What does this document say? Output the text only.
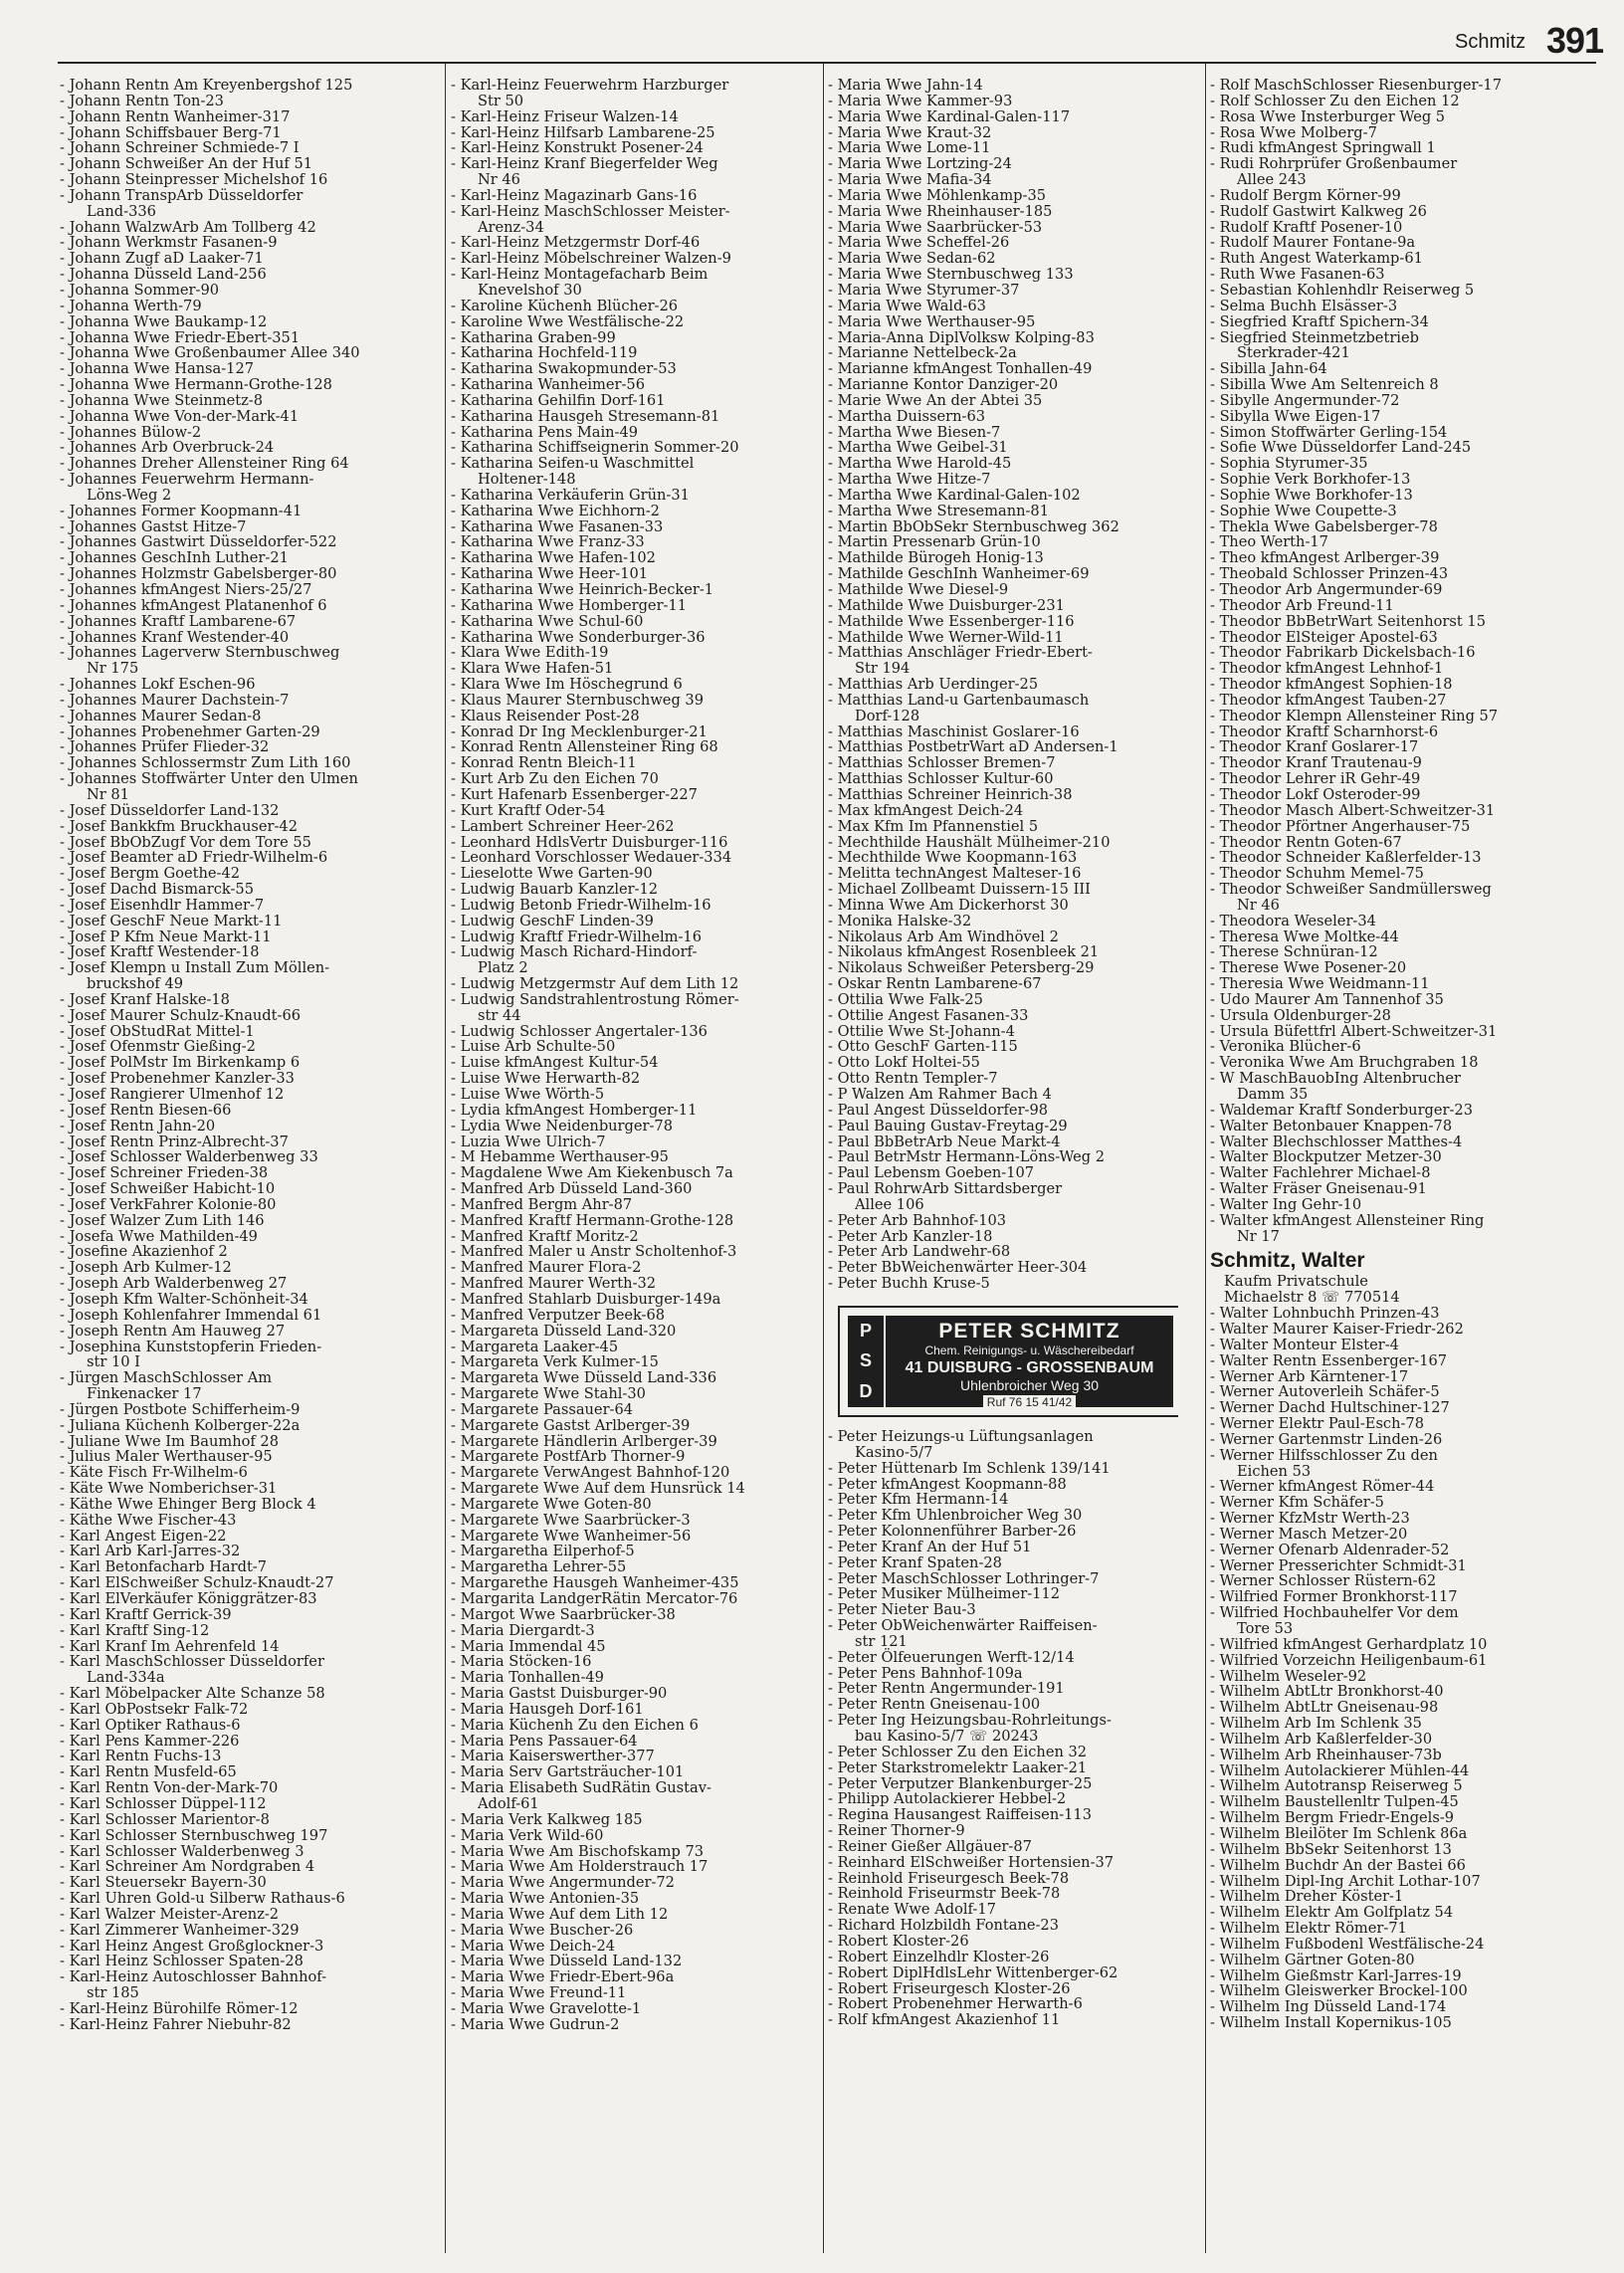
Schmitz 391
- Johann Rentn Am Kreyenbergshof 125
- Johann Rentn Ton-23
- Johann Rentn Wanheimer-317
- Johann Schiffsbauer Berg-71
- Johann Schreiner Schmiede-7 I
- Johann Schweißer An der Huf 51
- Johann Steinpresser Michelshof 16
- Johann TranspArb Düsseldorfer
Land-336
- Johann WalzwArb Am Tollberg 42
- Johann Werkmstr Fasanen-9
- Johann Zugf aD Laaker-71
- Johanna Düsseld Land-256
- Johanna Sommer-90
- Johanna Werth-79
- Johanna Wwe Baukamp-12
- Johanna Wwe Friedr-Ebert-351
- Johanna Wwe Großenbaumer Allee 340
- Johanna Wwe Hansa-127
- Johanna Wwe Hermann-Grothe-128
- Johanna Wwe Steinmetz-8
- Johanna Wwe Von-der-Mark-41
- Johannes Bülow-2
- Johannes Arb Overbruck-24
- Johannes Dreher Allensteiner Ring 64
- Johannes Feuerwehrm Hermann-
Löns-Weg 2
- Johannes Former Koopmann-41
- Johannes Gastst Hitze-7
- Johannes Gastwirt Düsseldorfer-522
- Johannes GeschInh Luther-21
- Johannes Holzmstr Gabelsberger-80
- Johannes kfmAngest Niers-25/27
- Johannes kfmAngest Platanenhof 6
- Johannes Kraftf Lambarene-67
- Johannes Kranf Westender-40
- Johannes Lagerverw Sternbuschweg
Nr 175
- Johannes Lokf Eschen-96
- Johannes Maurer Dachstein-7
- Johannes Maurer Sedan-8
- Johannes Probenehmer Garten-29
- Johannes Prüfer Flieder-32
- Johannes Schlossermstr Zum Lith 160
- Johannes Stoffwärter Unter den Ulmen
Nr 81
- Josef Düsseldorfer Land-132
- Josef Bankkfm Bruckhauser-42
- Josef BbObZugf Vor dem Tore 55
- Josef Beamter aD Friedr-Wilhelm-6
- Josef Bergm Goethe-42
- Josef Dachd Bismarck-55
- Josef Eisenhdlr Hammer-7
- Josef GeschF Neue Markt-11
- Josef P Kfm Neue Markt-11
- Josef Kraftf Westender-18
- Josef Klempn u Install Zum Möllen-
bruckshof 49
- Josef Kranf Halske-18
- Josef Maurer Schulz-Knaudt-66
- Josef ObStudRat Mittel-1
- Josef Ofenmstr Gießing-2
- Josef PolMstr Im Birkenkamp 6
- Josef Probenehmer Kanzler-33
- Josef Rangierer Ulmenhof 12
- Josef Rentn Biesen-66
- Josef Rentn Jahn-20
- Josef Rentn Prinz-Albrecht-37
- Josef Schlosser Walderbenweg 33
- Josef Schreiner Frieden-38
- Josef Schweißer Habicht-10
- Josef VerkFahrer Kolonie-80
- Josef Walzer Zum Lith 146
- Josefa Wwe Mathilden-49
- Josefine Akazienhof 2
- Joseph Arb Kulmer-12
- Joseph Arb Walderbenweg 27
- Joseph Kfm Walter-Schönheit-34
- Joseph Kohlenfahrer Immendal 61
- Joseph Rentn Am Hauweg 27
- Josephina Kunststopferin Frieden-
str 10 I
- Jürgen MaschSchlosser Am
Finkenacker 17
- Jürgen Postbote Schifferheim-9
- Juliana Küchenh Kolberger-22a
- Juliane Wwe Im Baumhof 28
- Julius Maler Werthauser-95
- Käte Fisch Fr-Wilhelm-6
- Käte Wwe Nomberichser-31
- Käthe Wwe Ehinger Berg Block 4
- Käthe Wwe Fischer-43
- Karl Angest Eigen-22
- Karl Arb Karl-Jarres-32
- Karl Betonfacharb Hardt-7
- Karl ElSchweißer Schulz-Knaudt-27
- Karl ElVerkäufer Königgrätzer-83
- Karl Kraftf Gerrick-39
- Karl Kraftf Sing-12
- Karl Kranf Im Aehrenfeld 14
- Karl MaschSchlosser Düsseldorfer
Land-334a
- Karl Möbelpacker Alte Schanze 58
- Karl ObPostsekr Falk-72
- Karl Optiker Rathaus-6
- Karl Pens Kammer-226
- Karl Rentn Fuchs-13
- Karl Rentn Musfeld-65
- Karl Rentn Von-der-Mark-70
- Karl Schlosser Düppel-112
- Karl Schlosser Marientor-8
- Karl Schlosser Sternbuschweg 197
- Karl Schlosser Walderbenweg 3
- Karl Schreiner Am Nordgraben 4
- Karl Steuersekr Bayern-30
- Karl Uhren Gold-u Silberw Rathaus-6
- Karl Walzer Meister-Arenz-2
- Karl Zimmerer Wanheimer-329
- Karl Heinz Angest Großglockner-3
- Karl Heinz Schlosser Spaten-28
- Karl-Heinz Autoschlosser Bahnhof-
str 185
- Karl-Heinz Bürohilfe Römer-12
- Karl-Heinz Fahrer Niebuhr-82
- Karl-Heinz Feuerwehrm Harzburger
Str 50
- Karl-Heinz Friseur Walzen-14
- Karl-Heinz Hilfsarb Lambarene-25
- Karl-Heinz Konstrukt Posener-24
- Karl-Heinz Kranf Biegerfelder Weg
Nr 46
- Karl-Heinz Magazinarb Gans-16
- Karl-Heinz MaschSchlosser Meister-
Arenz-34
- Karl-Heinz Metzgermstr Dorf-46
- Karl-Heinz Möbelschreiner Walzen-9
- Karl-Heinz Montagefacharb Beim
Knevelshof 30
- Karoline Küchenh Blücher-26
- Karoline Wwe Westfälische-22
- Katharina Graben-99
- Katharina Hochfeld-119
- Katharina Swakopmunder-53
- Katharina Wanheimer-56
- Katharina Gehilfin Dorf-161
- Katharina Hausgeh Stresemann-81
- Katharina Pens Main-49
- Katharina Schiffseignerin Sommer-20
- Katharina Seifen-u Waschmittel
Holtener-148
- Katharina Verkäuferin Grün-31
- Katharina Wwe Eichhorn-2
- Katharina Wwe Fasanen-33
- Katharina Wwe Franz-33
- Katharina Wwe Hafen-102
- Katharina Wwe Heer-101
- Katharina Wwe Heinrich-Becker-1
- Katharina Wwe Homberger-11
- Katharina Wwe Schul-60
- Katharina Wwe Sonderburger-36
- Klara Wwe Edith-19
- Klara Wwe Hafen-51
- Klara Wwe Im Höschegrund 6
- Klaus Maurer Sternbuschweg 39
- Klaus Reisender Post-28
- Konrad Dr Ing Mecklenburger-21
- Konrad Rentn Allensteiner Ring 68
- Konrad Rentn Bleich-11
- Kurt Arb Zu den Eichen 70
- Kurt Hafenarb Essenberger-227
- Kurt Kraftf Oder-54
- Lambert Schreiner Heer-262
- Leonhard HdlsVertr Duisburger-116
- Leonhard Vorschlosser Wedauer-334
- Lieselotte Wwe Garten-90
- Ludwig Bauarb Kanzler-12
- Ludwig Betonb Friedr-Wilhelm-16
- Ludwig GeschF Linden-39
- Ludwig Kraftf Friedr-Wilhelm-16
- Ludwig Masch Richard-Hindorf-
Platz 2
- Ludwig Metzgermstr Auf dem Lith 12
- Ludwig Sandstrahlentrostung Römer-
str 44
- Ludwig Schlosser Angertaler-136
- Luise Arb Schulte-50
- Luise kfmAngest Kultur-54
- Luise Wwe Herwarth-82
- Luise Wwe Wörth-5
- Lydia kfmAngest Homberger-11
- Lydia Wwe Neidenburger-78
- Luzia Wwe Ulrich-7
- M Hebamme Werthauser-95
- Magdalene Wwe Am Kiekenbusch 7a
- Manfred Arb Düsseld Land-360
- Manfred Bergm Ahr-87
- Manfred Kraftf Hermann-Grothe-128
- Manfred Kraftf Moritz-2
- Manfred Maler u Anstr Scholtenhof-3
- Manfred Maurer Flora-2
- Manfred Maurer Werth-32
- Manfred Stahlarb Duisburger-149a
- Manfred Verputzer Beek-68
- Margareta Düsseld Land-320
- Margareta Laaker-45
- Margareta Verk Kulmer-15
- Margareta Wwe Düsseld Land-336
- Margarete Wwe Stahl-30
- Margarete Passauer-64
- Margarete Gastst Arlberger-39
- Margarete Händlerin Arlberger-39
- Margarete PostfArb Thorner-9
- Margarete VerwAngest Bahnhof-120
- Margarete Wwe Auf dem Hunsrück 14
- Margarete Wwe Goten-80
- Margarete Wwe Saarbrücker-3
- Margarete Wwe Wanheimer-56
- Margaretha Eilperhof-5
- Margaretha Lehrer-55
- Margarethe Hausgeh Wanheimer-435
- Margarita LandgerRätin Mercator-76
- Margot Wwe Saarbrücker-38
- Maria Diergardt-3
- Maria Immendal 45
- Maria Stöcken-16
- Maria Tonhallen-49
- Maria Gastst Duisburger-90
- Maria Hausgeh Dorf-161
- Maria Küchenh Zu den Eichen 6
- Maria Pens Passauer-64
- Maria Kaiserswerther-377
- Maria Serv Gartsträucher-101
- Maria Elisabeth SudRätin Gustav-
Adolf-61
- Maria Verk Kalkweg 185
- Maria Verk Wild-60
- Maria Wwe Am Bischofskamp 73
- Maria Wwe Am Holderstrauch 17
- Maria Wwe Angermunder-72
- Maria Wwe Antonien-35
- Maria Wwe Auf dem Lith 12
- Maria Wwe Buscher-26
- Maria Wwe Deich-24
- Maria Wwe Düsseld Land-132
- Maria Wwe Friedr-Ebert-96a
- Maria Wwe Freund-11
- Maria Wwe Gravelotte-1
- Maria Wwe Gudrun-2
- Maria Wwe Jahn-14
- Maria Wwe Kammer-93
- Maria Wwe Kardinal-Galen-117
- Maria Wwe Kraut-32
- Maria Wwe Lome-11
- Maria Wwe Lortzing-24
- Maria Wwe Mafia-34
- Maria Wwe Möhlenkamp-35
- Maria Wwe Rheinhauser-185
- Maria Wwe Saarbrücker-53
- Maria Wwe Scheffel-26
- Maria Wwe Sedan-62
- Maria Wwe Sternbuschweg 133
- Maria Wwe Styrumer-37
- Maria Wwe Wald-63
- Maria Wwe Werthauser-95
- Maria-Anna DiplVolksw Kolping-83
- Marianne Nettelbeck-2a
- Marianne kfmAngest Tonhallen-49
- Marianne Kontor Danziger-20
- Marie Wwe An der Abtei 35
- Martha Duissern-63
- Martha Wwe Biesen-7
- Martha Wwe Geibel-31
- Martha Wwe Harold-45
- Martha Wwe Hitze-7
- Martha Wwe Kardinal-Galen-102
- Martha Wwe Stresemann-81
- Martin BbObSekr Sternbuschweg 362
- Martin Pressenarb Grün-10
- Mathilde Bürogeh Honig-13
- Mathilde GeschInh Wanheimer-69
- Mathilde Wwe Diesel-9
- Mathilde Wwe Duisburger-231
- Mathilde Wwe Essenberger-116
- Mathilde Wwe Werner-Wild-11
- Matthias Anschläger Friedr-Ebert-
Str 194
- Matthias Arb Uerdinger-25
- Matthias Land-u Gartenbaumasch
Dorf-128
- Matthias Maschinist Goslarer-16
- Matthias PostbetrWart aD Andersen-1
- Matthias Schlosser Bremen-7
- Matthias Schlosser Kultur-60
- Matthias Schreiner Heinrich-38
- Max kfmAngest Deich-24
- Max Kfm Im Pfannenstiel 5
- Mechthilde Haushält Mülheimer-210
- Mechthilde Wwe Koopmann-163
- Melitta technAngest Malteser-16
- Michael Zollbeamt Duissern-15 III
- Minna Wwe Am Dickerhorst 30
- Monika Halske-32
- Nikolaus Arb Am Windhövel 2
- Nikolaus kfmAngest Rosenbleek 21
- Nikolaus Schweißer Petersberg-29
- Oskar Rentn Lambarene-67
- Ottilia Wwe Falk-25
- Ottilie Angest Fasanen-33
- Ottilie Wwe St-Johann-4
- Otto GeschF Garten-115
- Otto Lokf Holtei-55
- Otto Rentn Templer-7
- P Walzen Am Rahmer Bach 4
- Paul Angest Düsseldorfer-98
- Paul Bauing Gustav-Freytag-29
- Paul BbBetrArb Neue Markt-4
- Paul BetrMstr Hermann-Löns-Weg 2
- Paul Lebensm Goeben-107
- Paul RohrwArb Sittardsberger
Allee 106
- Peter Arb Bahnhof-103
- Peter Arb Kanzler-18
- Peter Arb Landwehr-68
- Peter BbWeichenwärter Heer-304
- Peter Buchh Kruse-5
P
S
D
PETER SCHMITZ
Chem. Reinigungs- u. Wäschereibedarf
41 DUISBURG - GROSSENBAUM
Uhlenbroicher Weg 30
Ruf 76 15 41/42
- Peter Heizungs-u Lüftungsanlagen
Kasino-5/7
- Peter Hüttenarb Im Schlenk 139/141
- Peter kfmAngest Koopmann-88
- Peter Kfm Hermann-14
- Peter Kfm Uhlenbroicher Weg 30
- Peter Kolonnenführer Barber-26
- Peter Kranf An der Huf 51
- Peter Kranf Spaten-28
- Peter MaschSchlosser Lothringer-7
- Peter Musiker Mülheimer-112
- Peter Nieter Bau-3
- Peter ObWeichenwärter Raiffeisen-
str 121
- Peter Ölfeuerungen Werft-12/14
- Peter Pens Bahnhof-109a
- Peter Rentn Angermunder-191
- Peter Rentn Gneisenau-100
- Peter Ing Heizungsbau-Rohrleitungs-
bau Kasino-5/7 ☏ 20243
- Peter Schlosser Zu den Eichen 32
- Peter Starkstromelektr Laaker-21
- Peter Verputzer Blankenburger-25
- Philipp Autolackierer Hebbel-2
- Regina Hausangest Raiffeisen-113
- Reiner Thorner-9
- Reiner Gießer Allgäuer-87
- Reinhard ElSchweißer Hortensien-37
- Reinhold Friseurgesch Beek-78
- Reinhold Friseurmstr Beek-78
- Renate Wwe Adolf-17
- Richard Holzbildh Fontane-23
- Robert Kloster-26
- Robert Einzelhdlr Kloster-26
- Robert DiplHdlsLehr Wittenberger-62
- Robert Friseurgesch Kloster-26
- Robert Probenehmer Herwarth-6
- Rolf kfmAngest Akazienhof 11
- Rolf MaschSchlosser Riesenburger-17
- Rolf Schlosser Zu den Eichen 12
- Rosa Wwe Insterburger Weg 5
- Rosa Wwe Molberg-7
- Rudi kfmAngest Springwall 1
- Rudi Rohrprüfer Großenbaumer
Allee 243
- Rudolf Bergm Körner-99
- Rudolf Gastwirt Kalkweg 26
- Rudolf Kraftf Posener-10
- Rudolf Maurer Fontane-9a
- Ruth Angest Waterkamp-61
- Ruth Wwe Fasanen-63
- Sebastian Kohlenhdlr Reiserweg 5
- Selma Buchh Elsässer-3
- Siegfried Kraftf Spichern-34
- Siegfried Steinmetzbetrieb
Sterkrader-421
- Sibilla Jahn-64
- Sibilla Wwe Am Seltenreich 8
- Sibylle Angermunder-72
- Sibylla Wwe Eigen-17
- Simon Stoffwärter Gerling-154
- Sofie Wwe Düsseldorfer Land-245
- Sophia Styrumer-35
- Sophie Verk Borkhofer-13
- Sophie Wwe Borkhofer-13
- Sophie Wwe Coupette-3
- Thekla Wwe Gabelsberger-78
- Theo Werth-17
- Theo kfmAngest Arlberger-39
- Theobald Schlosser Prinzen-43
- Theodor Arb Angermunder-69
- Theodor Arb Freund-11
- Theodor BbBetrWart Seitenhorst 15
- Theodor ElSteiger Apostel-63
- Theodor Fabrikarb Dickelsbach-16
- Theodor kfmAngest Lehnhof-1
- Theodor kfmAngest Sophien-18
- Theodor kfmAngest Tauben-27
- Theodor Klempn Allensteiner Ring 57
- Theodor Kraftf Scharnhorst-6
- Theodor Kranf Goslarer-17
- Theodor Kranf Trautenau-9
- Theodor Lehrer iR Gehr-49
- Theodor Lokf Osteroder-99
- Theodor Masch Albert-Schweitzer-31
- Theodor Pförtner Angerhauser-75
- Theodor Rentn Goten-67
- Theodor Schneider Kaßlerfelder-13
- Theodor Schuhm Memel-75
- Theodor Schweißer Sandmüllersweg
Nr 46
- Theodora Weseler-34
- Theresa Wwe Moltke-44
- Therese Schnüran-12
- Therese Wwe Posener-20
- Theresia Wwe Weidmann-11
- Udo Maurer Am Tannenhof 35
- Ursula Oldenburger-28
- Ursula Büfettfrl Albert-Schweitzer-31
- Veronika Blücher-6
- Veronika Wwe Am Bruchgraben 18
- W MaschBauobIng Altenbrucher
Damm 35
- Waldemar Kraftf Sonderburger-23
- Walter Betonbauer Knappen-78
- Walter Blechschlosser Matthes-4
- Walter Blockputzer Metzer-30
- Walter Fachlehrer Michael-8
- Walter Fräser Gneisenau-91
- Walter Ing Gehr-10
- Walter kfmAngest Allensteiner Ring
Nr 17
Schmitz, Walter
Kaufm Privatschule
Michaelstr 8 ☏ 770514
- Walter Lohnbuchh Prinzen-43
- Walter Maurer Kaiser-Friedr-262
- Walter Monteur Elster-4
- Walter Rentn Essenberger-167
- Werner Arb Kärntener-17
- Werner Autoverleih Schäfer-5
- Werner Dachd Hultschiner-127
- Werner Elektr Paul-Esch-78
- Werner Gartenmstr Linden-26
- Werner Hilfsschlosser Zu den
Eichen 53
- Werner kfmAngest Römer-44
- Werner Kfm Schäfer-5
- Werner KfzMstr Werth-23
- Werner Masch Metzer-20
- Werner Ofenarb Aldenrader-52
- Werner Presserichter Schmidt-31
- Werner Schlosser Rüstern-62
- Wilfried Former Bronkhorst-117
- Wilfried Hochbauhelfer Vor dem
Tore 53
- Wilfried kfmAngest Gerhardplatz 10
- Wilfried Vorzeichn Heiligenbaum-61
- Wilhelm Weseler-92
- Wilhelm AbtLtr Bronkhorst-40
- Wilhelm AbtLtr Gneisenau-98
- Wilhelm Arb Im Schlenk 35
- Wilhelm Arb Kaßlerfelder-30
- Wilhelm Arb Rheinhauser-73b
- Wilhelm Autolackierer Mühlen-44
- Wilhelm Autotransp Reiserweg 5
- Wilhelm Baustellenltr Tulpen-45
- Wilhelm Bergm Friedr-Engels-9
- Wilhelm Bleilöter Im Schlenk 86a
- Wilhelm BbSekr Seitenhorst 13
- Wilhelm Buchdr An der Bastei 66
- Wilhelm Dipl-Ing Archit Lothar-107
- Wilhelm Dreher Köster-1
- Wilhelm Elektr Am Golfplatz 54
- Wilhelm Elektr Römer-71
- Wilhelm Fußbodenl Westfälische-24
- Wilhelm Gärtner Goten-80
- Wilhelm Gießmstr Karl-Jarres-19
- Wilhelm Gleiswerker Brockel-100
- Wilhelm Ing Düsseld Land-174
- Wilhelm Install Kopernikus-105
